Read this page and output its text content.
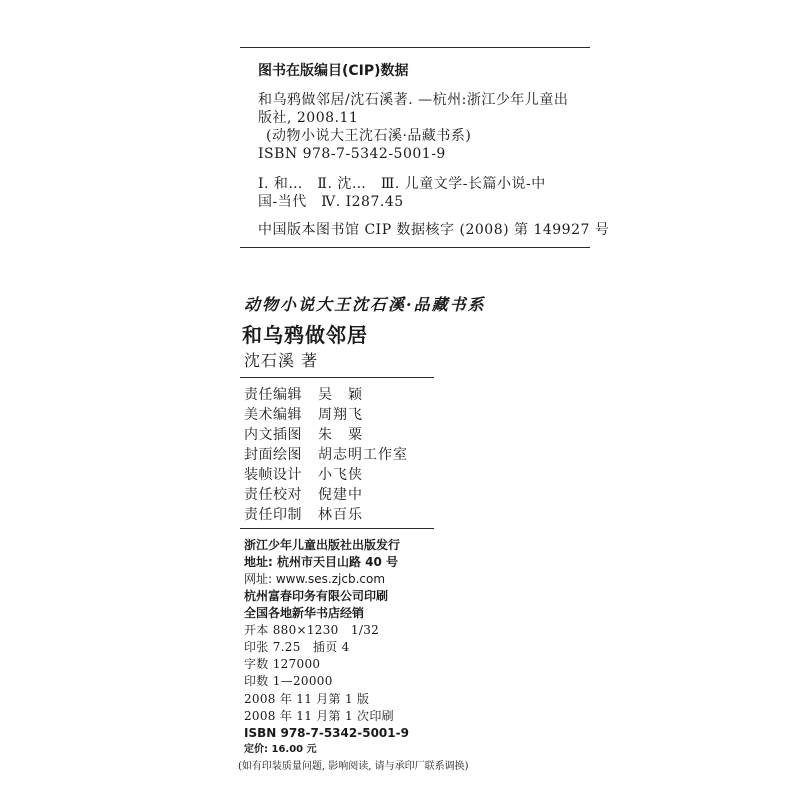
图书在版编目(CIP)数据
和乌鸦做邻居/沈石溪著. —杭州:浙江少年儿童出
版社, 2008.11
(动物小说大王沈石溪·品藏书系)
ISBN 978-7-5342-5001-9
Ⅰ. 和…　Ⅱ. 沈…　Ⅲ. 儿童文学-长篇小说-中
国-当代　Ⅳ. I287.45
中国版本图书馆 CIP 数据核字 (2008) 第 149927 号
动物小说大王沈石溪·品藏书系
和乌鸦做邻居
沈石溪 著
责任编辑 吴　颖
美术编辑 周翔飞
内文插图 朱　粟
封面绘图 胡志明工作室
装帧设计 小飞侠
责任校对 倪建中
责任印制 林百乐
浙江少年儿童出版社出版发行
地址: 杭州市天目山路 40 号
网址: www.ses.zjcb.com
杭州富春印务有限公司印刷
全国各地新华书店经销
开本 880×1230　1/32
印张 7.25　插页 4
字数 127000
印数 1—20000
2008 年 11 月第 1 版
2008 年 11 月第 1 次印刷
ISBN 978-7-5342-5001-9
定价: 16.00 元
(如有印装质量问题, 影响阅读, 请与承印厂联系调换)
